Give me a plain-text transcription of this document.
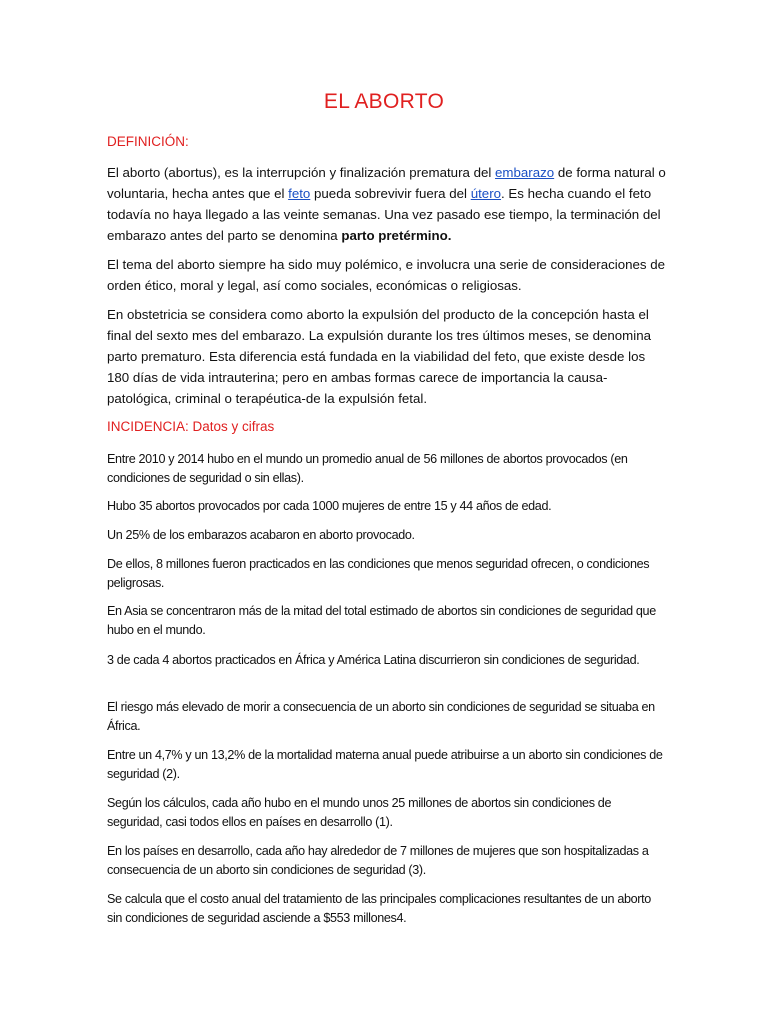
EL ABORTO
DEFINICIÓN:
El aborto (abortus), es la interrupción y finalización prematura del embarazo de forma natural o voluntaria, hecha antes que el feto pueda sobrevivir fuera del útero. Es hecha cuando el feto todavía no haya llegado a las veinte semanas. Una vez pasado ese tiempo, la terminación del embarazo antes del parto se denomina parto pretérmino.
El tema del aborto siempre ha sido muy polémico, e involucra una serie de consideraciones de orden ético, moral y legal, así como sociales, económicas o religiosas.
En obstetricia se considera como aborto la expulsión del producto de la concepción hasta el final del sexto mes del embarazo. La expulsión durante los tres últimos meses, se denomina parto prematuro. Esta diferencia está fundada en la viabilidad del feto, que existe desde los 180 días de vida intrauterina; pero en ambas formas carece de importancia la causa-patológica, criminal o terapéutica-de la expulsión fetal.
INCIDENCIA: Datos y cifras
Entre 2010 y 2014 hubo en el mundo un promedio anual de 56 millones de abortos provocados (en condiciones de seguridad o sin ellas).
Hubo 35 abortos provocados por cada 1000 mujeres de entre 15 y 44 años de edad.
Un 25% de los embarazos acabaron en aborto provocado.
De ellos, 8 millones fueron practicados en las condiciones que menos seguridad ofrecen, o condiciones peligrosas.
En Asia se concentraron más de la mitad del total estimado de abortos sin condiciones de seguridad que hubo en el mundo.
3 de cada 4 abortos practicados en África y América Latina discurrieron sin condiciones de seguridad.
El riesgo más elevado de morir a consecuencia de un aborto sin condiciones de seguridad se situaba en África.
Entre un 4,7% y un 13,2% de la mortalidad materna anual puede atribuirse a un aborto sin condiciones de seguridad (2).
Según los cálculos, cada año hubo en el mundo unos 25 millones de abortos sin condiciones de seguridad, casi todos ellos en países en desarrollo (1).
En los países en desarrollo, cada año hay alrededor de 7 millones de mujeres que son hospitalizadas a consecuencia de un aborto sin condiciones de seguridad (3).
Se calcula que el costo anual del tratamiento de las principales complicaciones resultantes de un aborto sin condiciones de seguridad asciende a $553 millones4.
